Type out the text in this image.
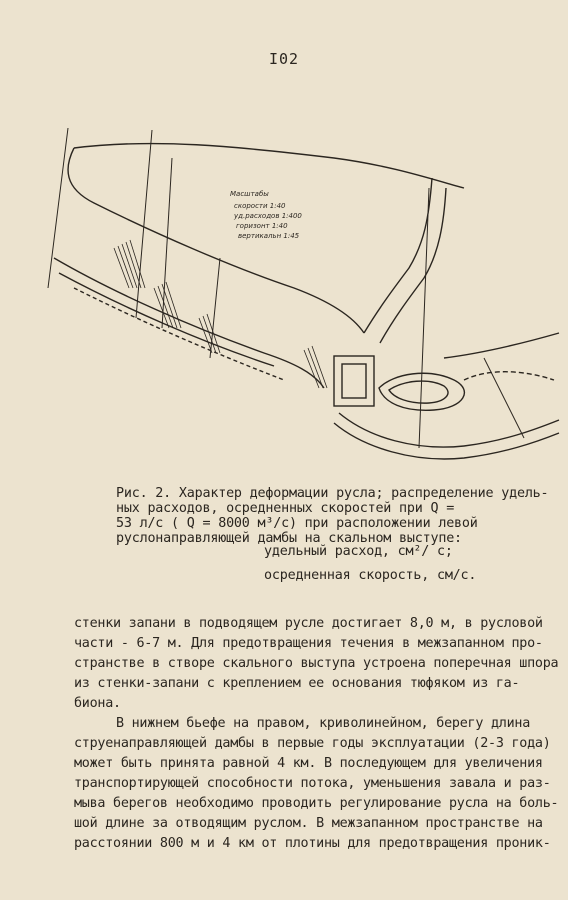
I02
Масштабы
скорости 1:40
уд.расходов 1:400
горизонт 1:40
вертикальн 1:45
Рис. 2. Характер деформации русла; распределение удель-
ных расходов, осредненных скоростей при Q =
53 л/с ( Q = 8000 м³/с) при расположении левой
руслонаправляющей дамбы на скальном выступе:
удельный расход, см²/ с;
осредненная скорость, см/с.
стенки запани в подводящем русле достигает 8,0 м, в русловой
части - 6-7 м. Для предотвращения течения в межзапанном про-
странстве в створе скального выступа устроена поперечная шпора
из стенки-запани с креплением ее основания тюфяком из га-
биона.
В нижнем бьефе на правом, криволинейном, берегу длина
струенаправляющей дамбы в первые годы эксплуатации (2-3 года)
может быть принята равной 4 км. В последующем для увеличения
транспортирующей способности потока, уменьшения завала и раз-
мыва берегов необходимо проводить регулирование русла на боль-
шой длине за отводящим руслом. В межзапанном пространстве на
расстоянии 800 м и 4 км от плотины для предотвращения проник-
